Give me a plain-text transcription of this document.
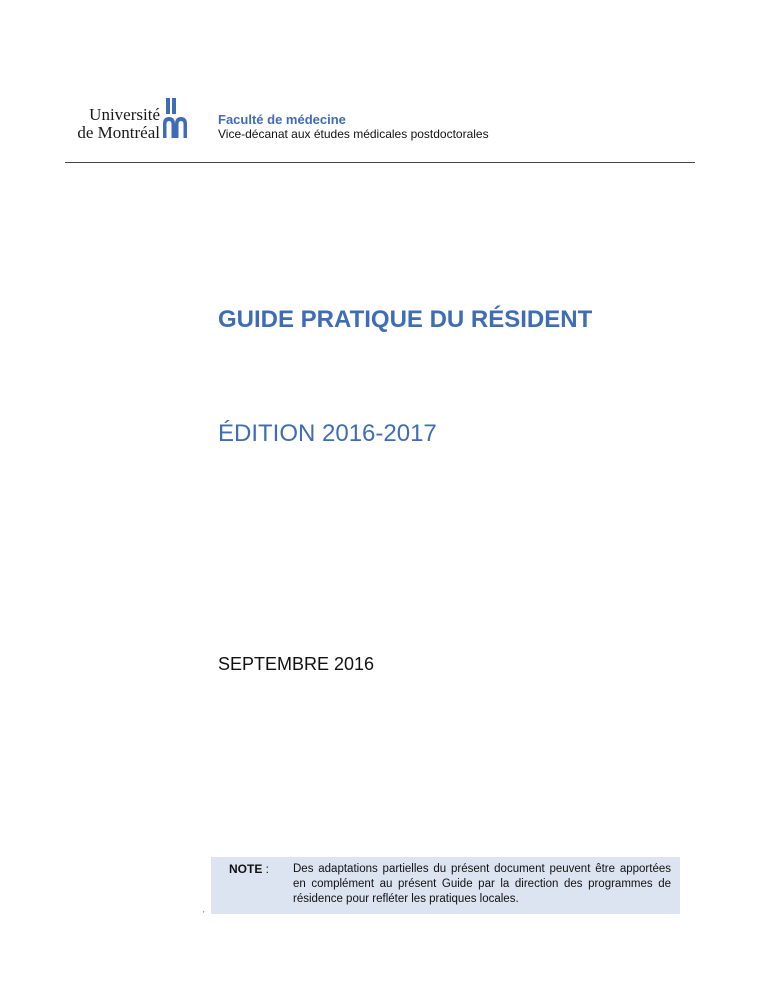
Université
de Montréal
Faculté de médecine
Vice-décanat aux études médicales postdoctorales
GUIDE PRATIQUE DU RÉSIDENT
ÉDITION 2016-2017
SEPTEMBRE 2016
NOTE : Des adaptations partielles du présent document peuvent être apportées en complément au présent Guide par la direction des programmes de résidence pour refléter les pratiques locales.
'
